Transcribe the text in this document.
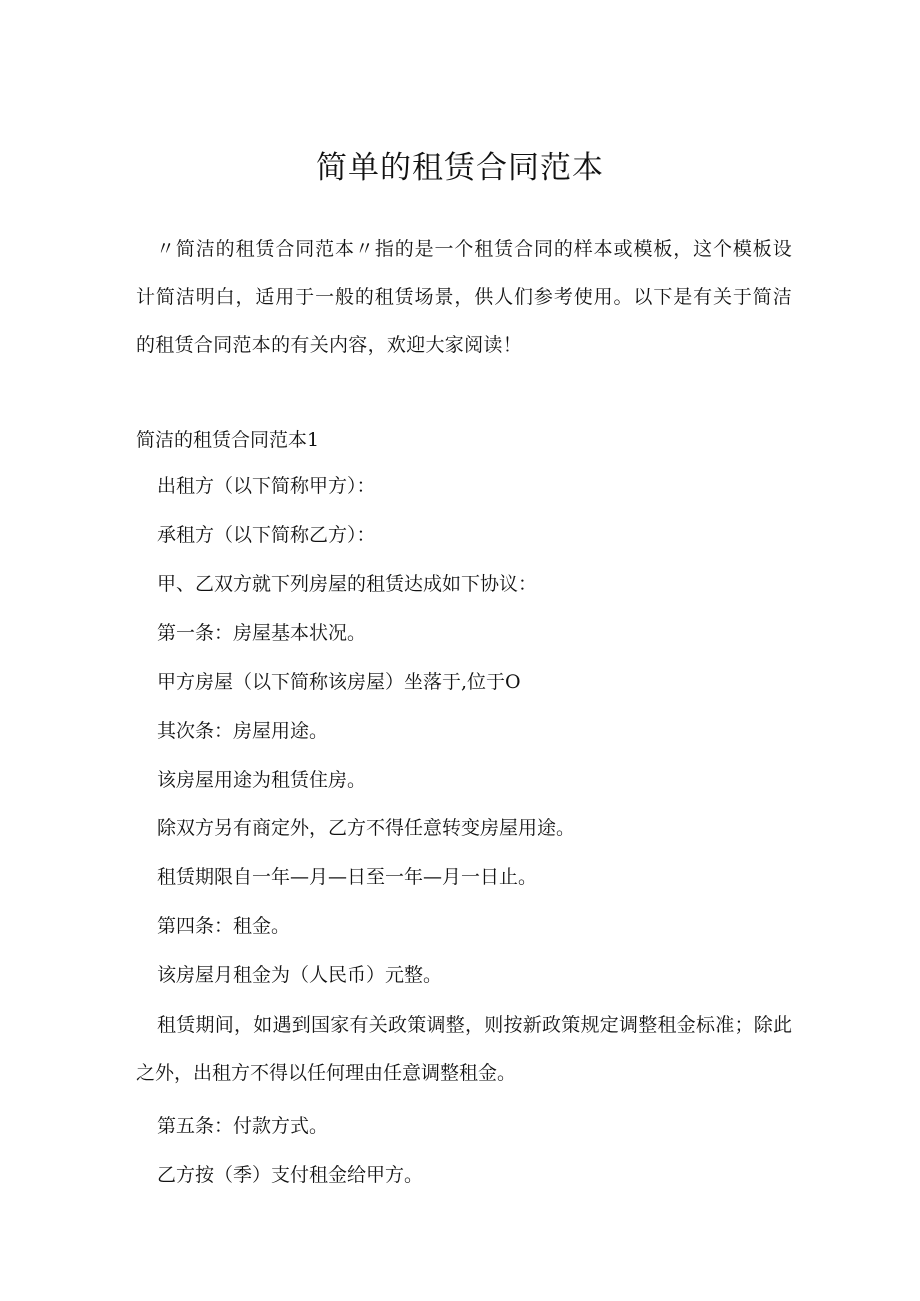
简单的租赁合同范本

〃简洁的租赁合同范本〃指的是一个租赁合同的样本或模板，这个模板设计简洁明白，适用于一般的租赁场景，供人们参考使用。以下是有关于简洁的租赁合同范本的有关内容，欢迎大家阅读！

简洁的租赁合同范本1

出租方（以下简称甲方）：

承租方（以下简称乙方）：

甲、乙双方就下列房屋的租赁达成如下协议：

第一条：房屋基本状况。

甲方房屋（以下简称该房屋）坐落于,位于O

其次条：房屋用途。

该房屋用途为租赁住房。

除双方另有商定外，乙方不得任意转变房屋用途。

租赁期限自一年—月—日至一年—月一日止。

第四条：租金。

该房屋月租金为（人民币）元整。

租赁期间，如遇到国家有关政策调整，则按新政策规定调整租金标准；除此之外，出租方不得以任何理由任意调整租金。

第五条：付款方式。

乙方按（季）支付租金给甲方。
